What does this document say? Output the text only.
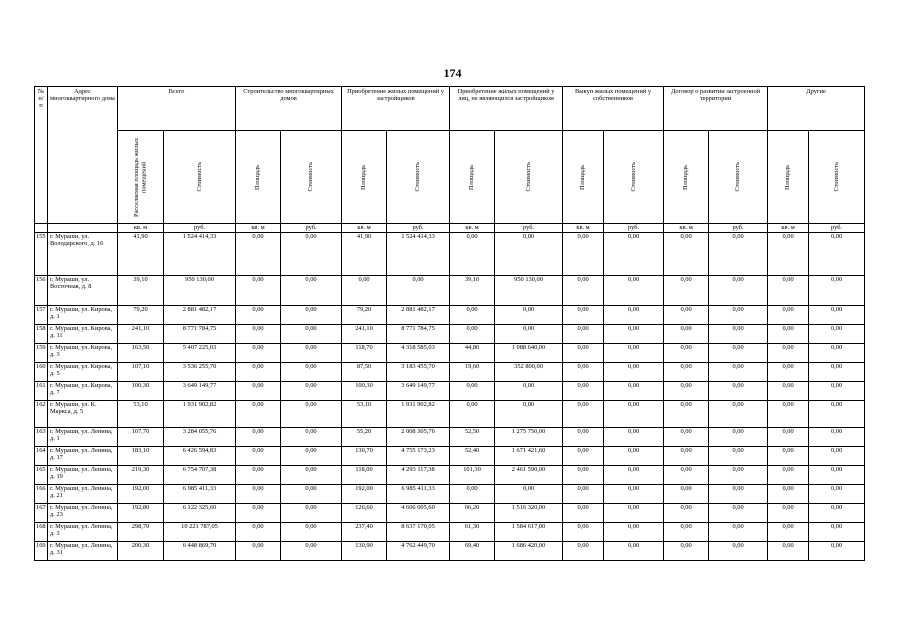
174
№ п/п	Адрес многоквартирного дома	Всего		Строительство многоквартирных домов		Приобретение жилых помещений у застройщиков		Приобретение жилых помещений у лиц, не являющихся застройщиком		Выкуп жилых помещений у собственников		Договор о развитии застроенной территории		Другие	

		Расселяемая площадь жилых помещений	Стоимость	Площадь	Стоимость	Площадь	Стоимость	Площадь	Стоимость	Площадь	Стоимость	Площадь	Стоимость	Площадь	Стоимость

		кв. м	руб.	кв. м	руб.	кв. м	руб.	кв. м	руб.	кв. м	руб.	кв. м	руб.	кв. м	руб.
155	г. Мураши, ул. Володарского, д. 16	41,90	1 524 414,33	0,00	0,00	41,90	1 524 414,33	0,00	0,00	0,00	0,00	0,00	0,00	0,00	0,00
156	г. Мураши, ул. Восточная, д. 8	39,10	950 130,00	0,00	0,00	0,00	0,00	39,10	950 130,00	0,00	0,00	0,00	0,00	0,00	0,00
157	г. Мураши, ул. Кирова, д. 1	79,20	2 881 482,17	0,00	0,00	79,20	2 881 482,17	0,00	0,00	0,00	0,00	0,00	0,00	0,00	0,00
158	г. Мураши, ул. Кирова, д. 11	241,10	8 771 784,75	0,00	0,00	241,10	8 771 784,75	0,00	0,00	0,00	0,00	0,00	0,00	0,00	0,00
159	г. Мураши, ул. Кирова, д. 3	163,50	5 407 225,03	0,00	0,00	118,70	4 318 585,03	44,80	1 088 640,00	0,00	0,00	0,00	0,00	0,00	0,00
160	г. Мураши, ул. Кирова, д. 5	107,10	3 536 255,70	0,00	0,00	87,50	3 183 455,70	19,60	352 800,00	0,00	0,00	0,00	0,00	0,00	0,00
161	г. Мураши, ул. Кирова, д. 7	100,30	3 649 149,77	0,00	0,00	100,30	3 649 149,77	0,00	0,00	0,00	0,00	0,00	0,00	0,00	0,00
162	г. Мураши, ул. К. Маркса, д. 5	53,10	1 931 902,82	0,00	0,00	53,10	1 931 902,82	0,00	0,00	0,00	0,00	0,00	0,00	0,00	0,00
163	г. Мураши, ул. Ленина, д. 1	107,70	3 284 055,76	0,00	0,00	55,20	2 008 305,76	52,50	1 275 750,00	0,00	0,00	0,00	0,00	0,00	0,00
164	г. Мураши, ул. Ленина, д. 17	183,10	6 426 594,83	0,00	0,00	130,70	4 755 173,23	52,40	1 671 421,60	0,00	0,00	0,00	0,00	0,00	0,00
165	г. Мураши, ул. Ленина, д. 19	219,30	6 754 707,38	0,00	0,00	118,00	4 293 117,38	101,30	2 461 590,00	0,00	0,00	0,00	0,00	0,00	0,00
166	г. Мураши, ул. Ленина, д. 21	192,00	6 985 411,33	0,00	0,00	192,00	6 985 411,33	0,00	0,00	0,00	0,00	0,00	0,00	0,00	0,00
167	г. Мураши, ул. Ленина, д. 23	192,80	6 122 325,60	0,00	0,00	126,60	4 606 005,60	66,20	1 516 320,00	0,00	0,00	0,00	0,00	0,00	0,00
168	г. Мураши, ул. Ленина, д. 3	298,70	10 221 787,05	0,00	0,00	237,40	8 637 170,05	61,30	1 584 617,00	0,00	0,00	0,00	0,00	0,00	0,00
169	г. Мураши, ул. Ленина, д. 31	200,30	6 448 869,70	0,00	0,00	130,90	4 762 449,70	69,40	1 686 420,00	0,00	0,00	0,00	0,00	0,00	0,00
